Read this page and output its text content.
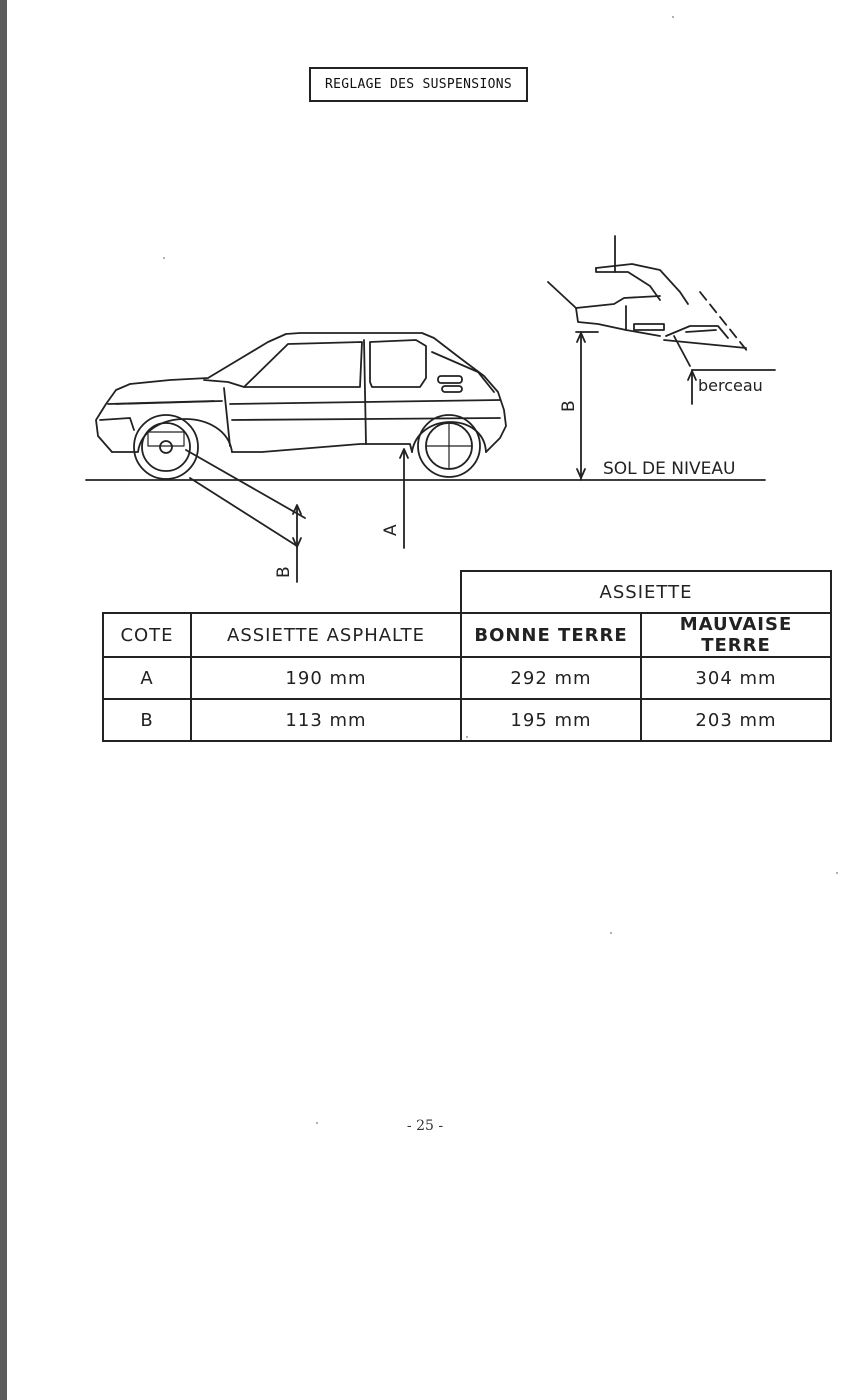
REGLAGE DES SUSPENSIONS
berceau
SOL DE NIVEAU
A
B
B
		ASSIETTE	
COTE	ASSIETTE ASPHALTE	BONNE TERRE	MAUVAISE TERRE
A	190 mm	292 mm	304 mm
B	113 mm	195 mm	203 mm
- 25 -
